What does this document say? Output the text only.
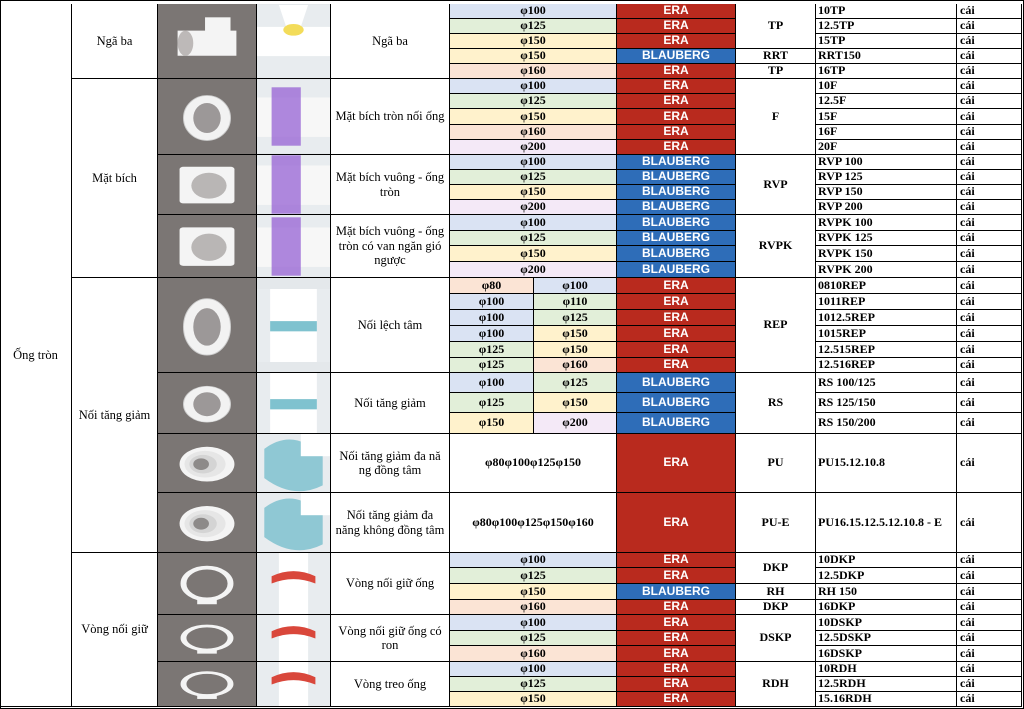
Ngã ba
φ100	ERA	10TP	cái
φ125	ERA	12.5TP	cái
φ150	ERA	15TP	cái
φ150	BLAUBERG	RRT150	cái
φ160	ERA	16TP	cái
TP
RRT
TP
Ngã ba
Mặt bích tròn nối ống
φ100	ERA	10F	cái
φ125	ERA	12.5F	cái
φ150	ERA	15F	cái
φ160	ERA	16F	cái
φ200	ERA	20F	cái
F
Mặt bích vuông - ống tròn
φ100	BLAUBERG	RVP 100	cái
φ125	BLAUBERG	RVP 125	cái
φ150	BLAUBERG	RVP 150	cái
φ200	BLAUBERG	RVP 200	cái
RVP
Mặt bích vuông - ống tròn có van ngăn gió ngược
φ100	BLAUBERG	RVPK 100	cái
φ125	BLAUBERG	RVPK 125	cái
φ150	BLAUBERG	RVPK 150	cái
φ200	BLAUBERG	RVPK 200	cái
RVPK
Mặt bích
Nối lệch tâm
φ80	φ100	ERA	0810REP	cái
φ100	φ110	ERA	1011REP	cái
φ100	φ125	ERA	1012.5REP	cái
φ100	φ150	ERA	1015REP	cái
φ125	φ150	ERA	12.515REP	cái
φ125	φ160	ERA	12.516REP	cái
REP
Nối tăng giảm
φ100	φ125	BLAUBERG	RS 100/125	cái
φ125	φ150	BLAUBERG	RS 125/150	cái
φ150	φ200	BLAUBERG	RS 150/200	cái
RS
Nối tăng giảm đa nă ng đồng tâm
φ80φ100φ125φ150	ERA	PU15.12.10.8	cái
PU
Nối tăng giảm đa năng không đồng tâm
φ80φ100φ125φ150φ160	ERA	PU16.15.12.5.12.10.8 - E	cái
PU-E
Nối tăng giảm
Vòng nối giữ ống
φ100	ERA	10DKP	cái
φ125	ERA	12.5DKP	cái
φ150	BLAUBERG	RH 150	cái
φ160	ERA	16DKP	cái
DKP
RH
DKP
Vòng nối giữ ống có ron
φ100	ERA	10DSKP	cái
φ125	ERA	12.5DSKP	cái
φ160	ERA	16DSKP	cái
DSKP
Vòng treo ống
φ100	ERA	10RDH	cái
φ125	ERA	12.5RDH	cái
φ150	ERA	15.16RDH	cái
RDH
Vòng nối giữ
Ống tròn
